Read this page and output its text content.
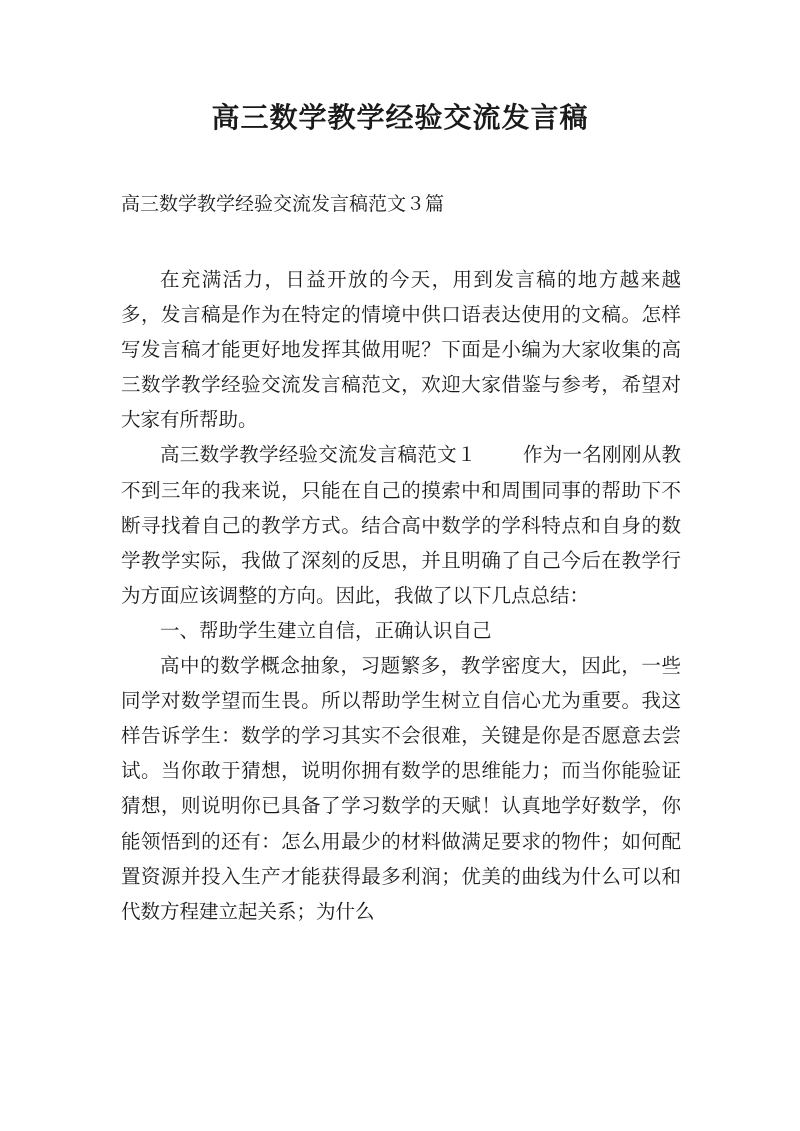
高三数学教学经验交流发言稿
高三数学教学经验交流发言稿范文３篇

在充满活力，日益开放的今天，用到发言稿的地方越来越多，发言稿是作为在特定的情境中供口语表达使用的文稿。怎样写发言稿才能更好地发挥其做用呢？下面是小编为大家收集的高三数学教学经验交流发言稿范文，欢迎大家借鉴与参考，希望对大家有所帮助。

高三数学教学经验交流发言稿范文１ 作为一名刚刚从教不到三年的我来说，只能在自己的摸索中和周围同事的帮助下不断寻找着自己的教学方式。结合高中数学的学科特点和自身的数学教学实际，我做了深刻的反思，并且明确了自己今后在教学行为方面应该调整的方向。因此，我做了以下几点总结：

一、帮助学生建立自信，正确认识自己

高中的数学概念抽象，习题繁多，教学密度大，因此，一些同学对数学望而生畏。所以帮助学生树立自信心尤为重要。我这样告诉学生：数学的学习其实不会很难，关键是你是否愿意去尝试。当你敢于猜想，说明你拥有数学的思维能力；而当你能验证猜想，则说明你已具备了学习数学的天赋！认真地学好数学，你能领悟到的还有：怎么用最少的材料做满足要求的物件；如何配置资源并投入生产才能获得最多利润；优美的曲线为什么可以和代数方程建立起关系；为什么
